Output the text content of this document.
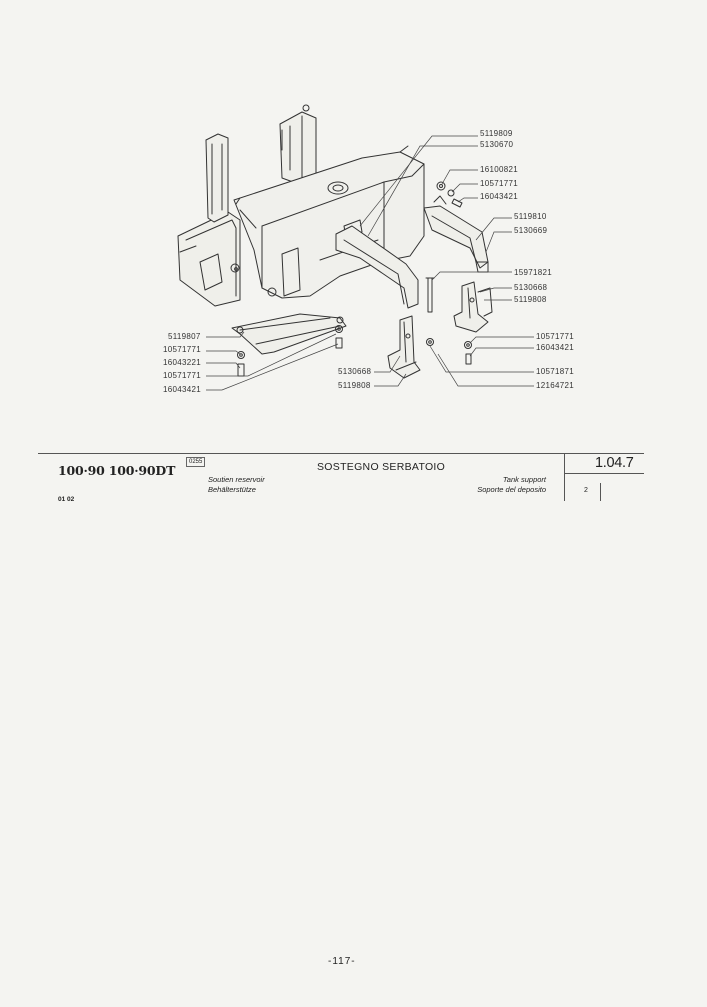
5119809
5130670
16100821
10571771
16043421
5119810
5130669
15971821
5130668
5119808
10571771
16043421
10571871
12164721
5130668
5119808
5119807
10571771
16043221
10571771
16043421
100·90 100·90DT
01 02
0255	SOSTEGNO SERBATOIO
Soutien reservoir
Behälterstütze
Tank support
Soporte del deposito
1.04.7
2
-117-
